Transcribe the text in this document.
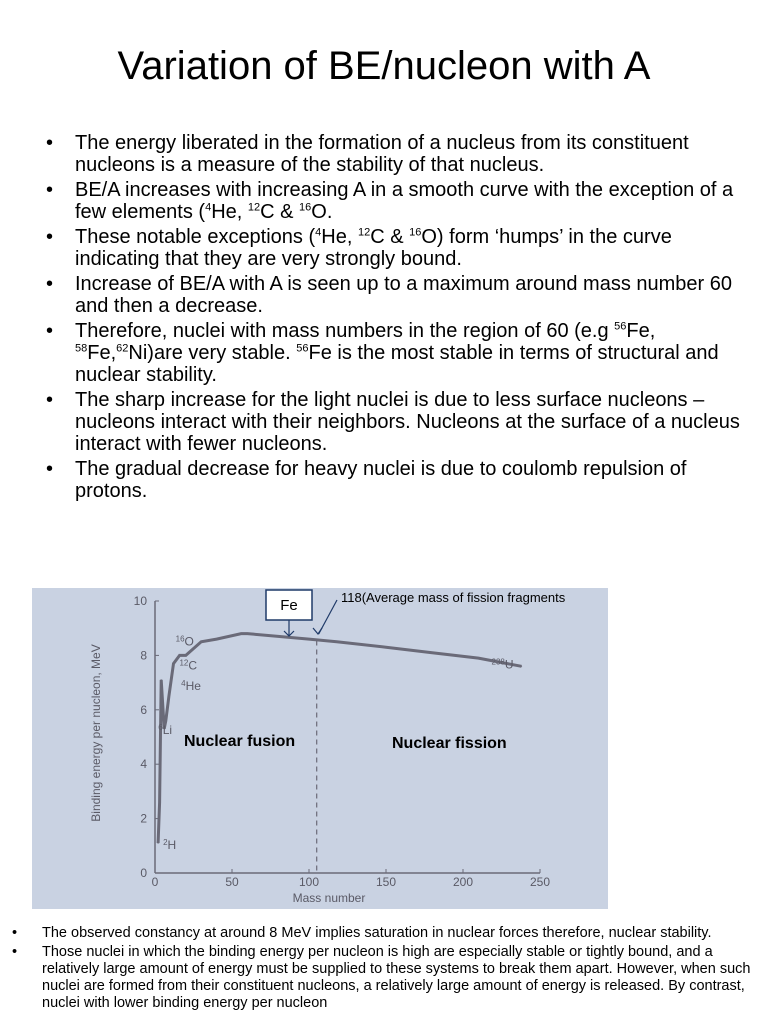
Variation of BE/nucleon with A
• The energy liberated in the formation of a nucleus from its constituent nucleons is a measure of the stability of that nucleus.
• BE/A increases with increasing A in a smooth curve with the exception of a few elements ($^4$He, $^{12}$C & $^{16}$O.
• These notable exceptions ($^4$He, $^{12}$C & $^{16}$O) form ‘humps’ in the curve indicating that they are very strongly bound.
• Increase of BE/A with A is seen up to a maximum around mass number 60 and then a decrease.
• Therefore, nuclei with mass numbers in the region of 60 (e.g $^{56}$Fe, $^{58}$Fe,$^{62}$Ni)are very stable. $^{56}$Fe is the most stable in terms of structural and nuclear stability.
• The sharp increase for the light nuclei is due to less surface nucleons – nucleons interact with their neighbors. Nucleons at the surface of a nucleus interact with fewer nucleons.
• The gradual decrease for heavy nuclei is due to coulomb repulsion of protons.
0	50	100	150	200	250
0
2
4
6
8
10
$^{16}_O$
$^{12}_C$
$^4_{He}$
$^6_{Li}$
$^2_H$
$^{238}_U$
Fe	118(Average mass of fission fragments
Nuclear fusion	Nuclear fission
Mass number
Binding energy per nucleon, MeV
• The observed constancy at around 8 MeV implies saturation in nuclear forces therefore, nuclear stability.
• Those nuclei in which the binding energy per nucleon is high are especially stable or tightly bound, and a relatively large amount of energy must be supplied to these systems to break them apart. However, when such nuclei are formed from their constituent nucleons, a relatively large amount of energy is released. By contrast, nuclei with lower binding energy per nucleon
